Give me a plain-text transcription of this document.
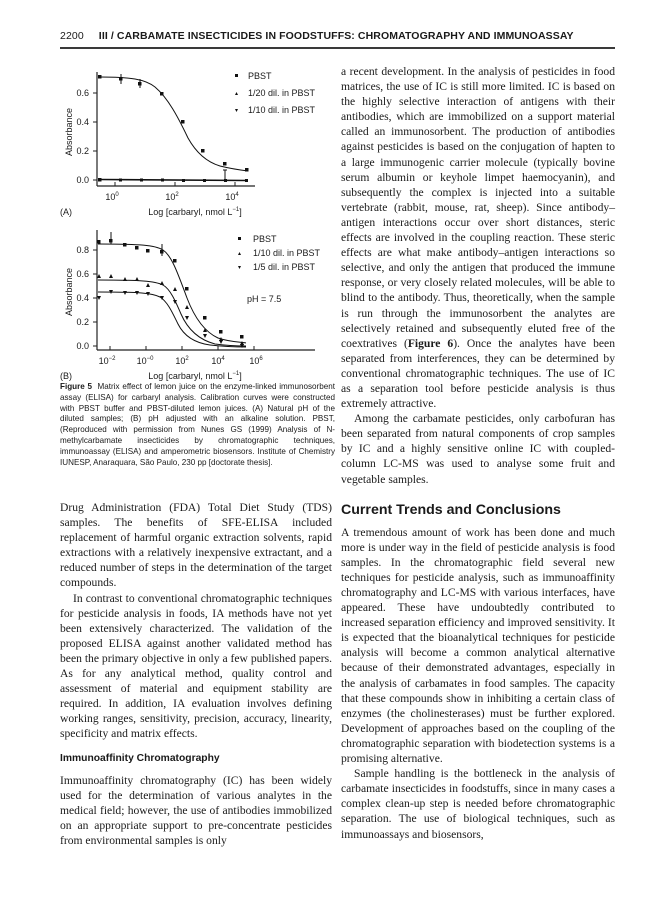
2200 III / CARBAMATE INSECTICIDES IN FOODSTUFFS: CHROMATOGRAPHY AND IMMUNOASSAY
0.6
0.4
0.2
0.0
$10^0$	$10^2$	$10^4$
Absorbance
Log [carbaryl, nmol $L^{-1}$]
(A)
PBST
1/20 dil. in PBST
1/10 dil. in PBST
0.8
0.6
0.4
0.2
0.0
$10^{-2}$ $10^{-0}$ $10^2$	$10^4$	$10^6$
Absorbance
Log [carbaryl, nmol $L^{-1}$]
(B)
PBST
1/10 dil. in PBST
1/5 dil. in PBST
pH = 7.5
Figure 5 Matrix effect of lemon juice on the enzyme-linked immunosorbent assay (ELISA) for carbaryl analysis. Calibration curves were constructed with PBST buffer and PBST-diluted lemon juices. (A) Natural pH of the diluted samples; (B) pH adjusted with an alkaline solution. PBST, (Reproduced with permission from Nunes GS (1999) Analysis of N-methylcarbamate insecticides by chromatographic techniques, immunoassay (ELISA) and amperometric biosensors. Institute of Chemistry IUNESP, Anaraquara, São Paulo, 230 pp [doctorate thesis].

Drug Administration (FDA) Total Diet Study (TDS) samples. The benefits of SFE-ELISA included replacement of harmful organic extraction solvents, rapid extractions with a relatively inexpensive extractant, and a reduced number of steps in the determination of the target compounds.

In contrast to conventional chromatographic techniques for pesticide analysis in foods, IA methods have not yet been extensively characterized. The validation of the proposed ELISA against another validated method has been the primary objective in only a few published papers. As for any analytical method, quality control and assessment of material and equipment stability are required. In addition, IA evaluation involves defining working ranges, sensitivity, precision, accuracy, linearity, specificity and matrix effects.

Immunoaffinity Chromatography

Immunoaffinity chromatography (IC) has been widely used for the determination of various analytes in the medical field; however, the use of antibodies immobilized on an appropriate support to pre-concentrate pesticides from environmental samples is only

a recent development. In the analysis of pesticides in food matrices, the use of IC is still more limited. IC is based on the highly selective interaction of antigens with their antibodies, which are immobilized on a support material called an immunosorbent. The production of antibodies against pesticides is based on the conjugation of hapten to a large immunogenic carrier molecule (typically bovine serum albumin or keyhole limpet haemocyanin), and subsequently the complex is injected into a suitable vertebrate (rabbit, mouse, rat, sheep). Since antibody–antigen interactions occur over short distances, steric effects are involved in the coupling reaction. These steric effects are what make antibody–antigen interactions so selective, and only the antigen that produced the immune response, or very closely related molecules, will be able to blind to the antibody. Thus, theoretically, when the sample is run through the immunosorbent the analytes are selectively retained and subsequently eluted free of the coextratives (Figure 6). Once the analytes have been separated from interferences, they can be determined by conventional chromatographic techniques. The use of IC as a separation tool before pesticide analysis is thus extremely attractive.

Among the carbamate pesticides, only carbofuran has been separated from natural components of crop samples by IC and a highly sensitive online IC with coupled-column LC-MS was used to analyse some fruit and vegetable samples.

Current Trends and Conclusions

A tremendous amount of work has been done and much more is under way in the field of pesticide analysis is food samples. In the chromatographic field several new techniques for pesticide analysis, such as immunoaffinity chromatography and LC-MS with various interfaces, have appeared. These have undoubtedly contributed to increased separation efficiency and improved sensitivity. It is expected that the bioanalytical techniques for pesticide analysis will become a common analytical alternative because of their demonstrated advantages, especially in the analysis of carbamates in food samples. The capacity that these compounds show in inhibiting a certain class of enzymes (the cholinesterases) must be further explored. Development of approaches based on the coupling of the chromatographic separation with biodetection systems is a promising alternative.

Sample handling is the bottleneck in the analysis of carbamate insecticides in foodstuffs, since in many cases a complex clean-up step is needed before chromatographic separation. The use of biological techniques, such as immunoassays and biosensors,
